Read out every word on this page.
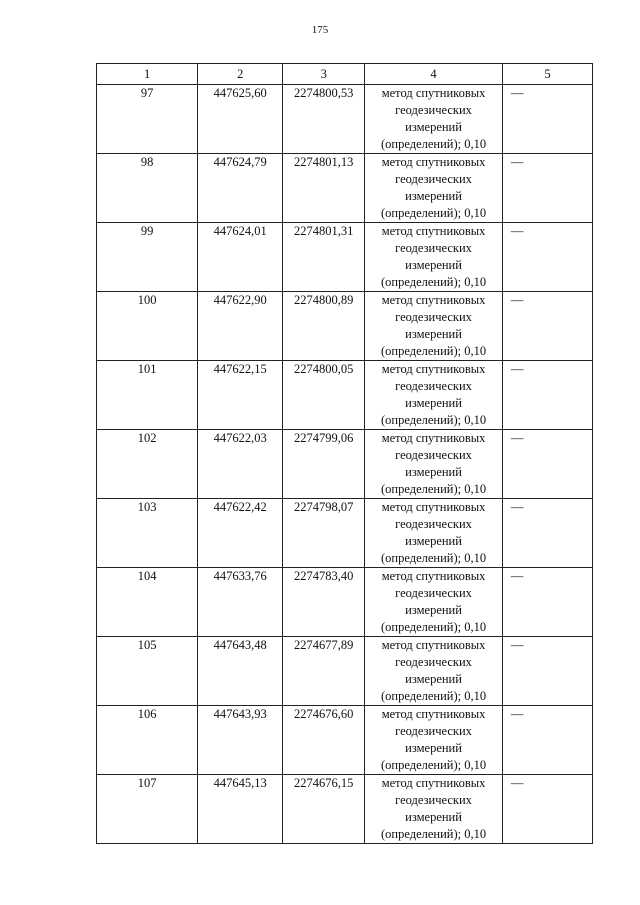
175
1	2	3	4	5
97	447625,60	2274800,53	метод спутниковых геодезических измерений (определений); 0,10	—
98	447624,79	2274801,13	метод спутниковых геодезических измерений (определений); 0,10	—
99	447624,01	2274801,31	метод спутниковых геодезических измерений (определений); 0,10	—
100	447622,90	2274800,89	метод спутниковых геодезических измерений (определений); 0,10	—
101	447622,15	2274800,05	метод спутниковых геодезических измерений (определений); 0,10	—
102	447622,03	2274799,06	метод спутниковых геодезических измерений (определений); 0,10	—
103	447622,42	2274798,07	метод спутниковых геодезических измерений (определений); 0,10	—
104	447633,76	2274783,40	метод спутниковых геодезических измерений (определений); 0,10	—
105	447643,48	2274677,89	метод спутниковых геодезических измерений (определений); 0,10	—
106	447643,93	2274676,60	метод спутниковых геодезических измерений (определений); 0,10	—
107	447645,13	2274676,15	метод спутниковых геодезических измерений (определений); 0,10	—
